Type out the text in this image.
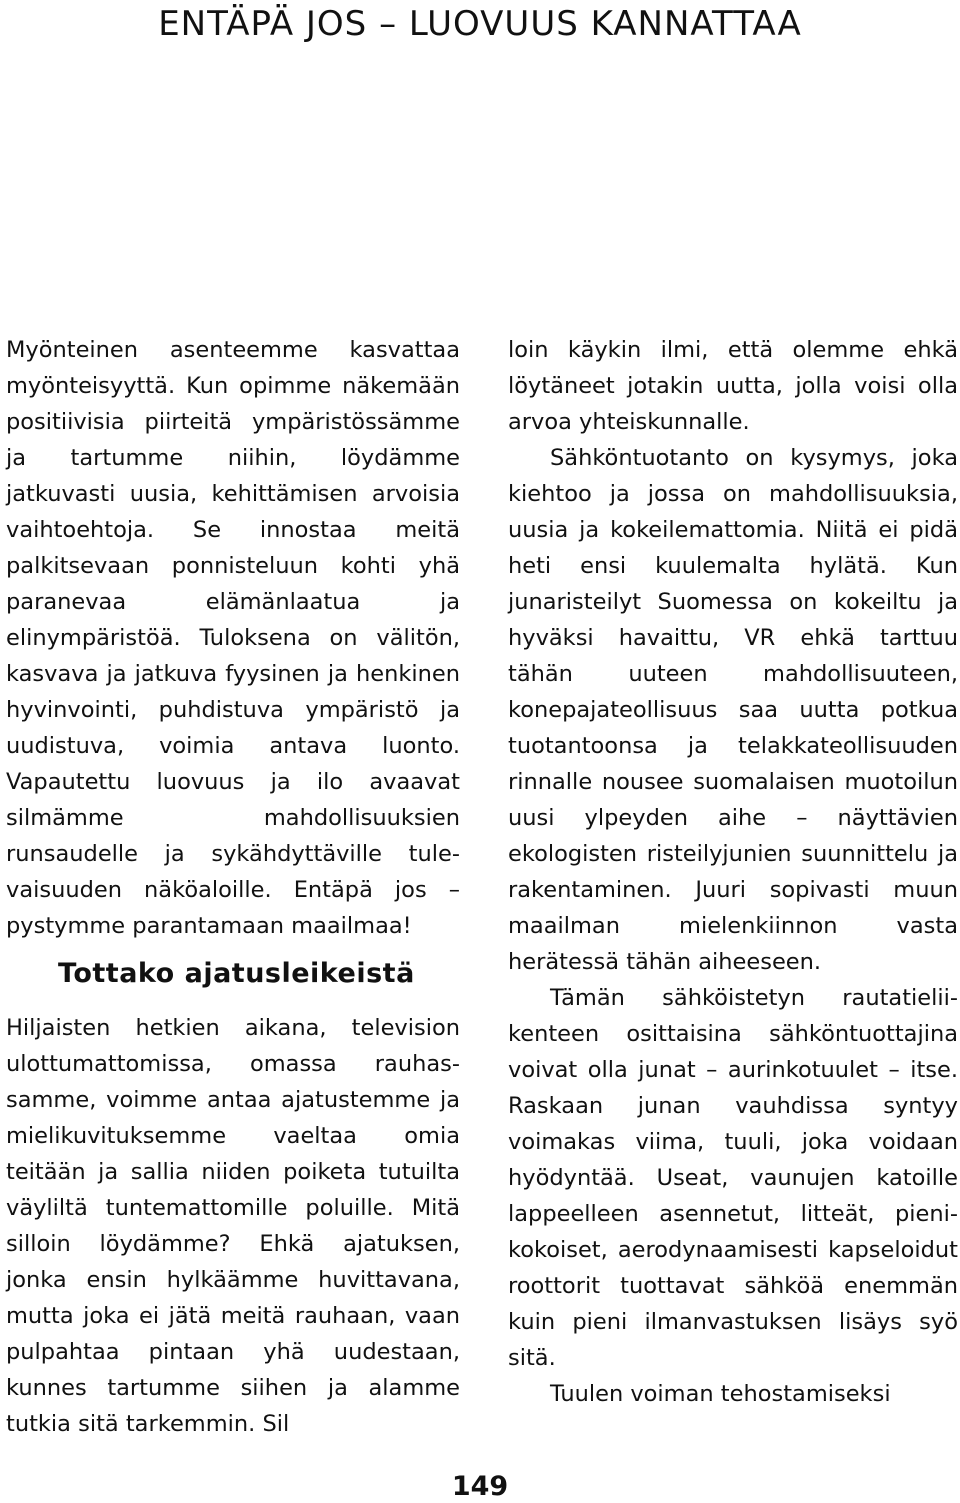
ENTÄPÄ JOS – LUOVUUS KANNATTAA

Myönteinen asenteemme kasvattaa myönteisyyttä. Kun opimme näkemään positiivisia piirteitä ympäristössämme ja tartumme niihin, löydämme jatkuvasti uusia, kehittämisen arvoisia vaihtoehtoja. Se innostaa meitä palkitsevaan ponnisteluun kohti yhä paranevaa elämänlaatua ja elinympäristöä. Tuloksena on välitön, kasvava ja jatkuva fyysinen ja henkinen hyvinvointi, puhdistuva ympäristö ja uudistuva, voimia antava luonto. Vapautettu luovuus ja ilo avaavat silmämme mahdollisuuksien runsaudelle ja sykähdyttäville tulevaisuuden näköaloille. Entäpä jos – pystymme parantamaan maailmaa!

Tottako ajatusleikeistä

Hiljaisten hetkien aikana, television ulottumattomissa, omassa rauhassamme, voimme antaa ajatustemme ja mielikuvituksemme vaeltaa omia teitään ja sallia niiden poiketa tutuilta väyliltä tuntemattomille poluille. Mitä silloin löydämme? Ehkä ajatuksen, jonka ensin hylkäämme huvittavana, mutta joka ei jätä meitä rauhaan, vaan pulpahtaa pintaan yhä uudestaan, kunnes tartumme siihen ja alamme tutkia sitä tarkemmin. Sil

loin käykin ilmi, että olemme ehkä löytäneet jotakin uutta, jolla voisi olla arvoa yhteiskunnalle.

Sähköntuotanto on kysymys, joka kiehtoo ja jossa on mahdollisuuksia, uusia ja kokeilemattomia. Niitä ei pidä heti ensi kuulemalta hylätä. Kun junaristeilyt Suomessa on kokeiltu ja hyväksi havaittu, VR ehkä tarttuu tähän uuteen mahdollisuuteen, konepajateollisuus saa uutta potkua tuotantoonsa ja telakkateollisuuden rinnalle nousee suomalaisen muotoilun uusi ylpeyden aihe – näyttävien ekologisten risteilyjunien suunnittelu ja rakentaminen. Juuri sopivasti muun maailman mielenkiinnon vasta herätessä tähän aiheeseen.

Tämän sähköistetyn rautatieliikenteen osittaisina sähköntuottajina voivat olla junat – aurinkotuulet – itse. Raskaan junan vauhdissa syntyy voimakas viima, tuuli, joka voidaan hyödyntää. Useat, vaunujen katoille lappeelleen asennetut, litteät, pienikokoiset, aerodynaamisesti kapseloidut roottorit tuottavat sähköä enemmän kuin pieni ilmanvastuksen lisäys syö sitä.

Tuulen voiman tehostamiseksi

149
